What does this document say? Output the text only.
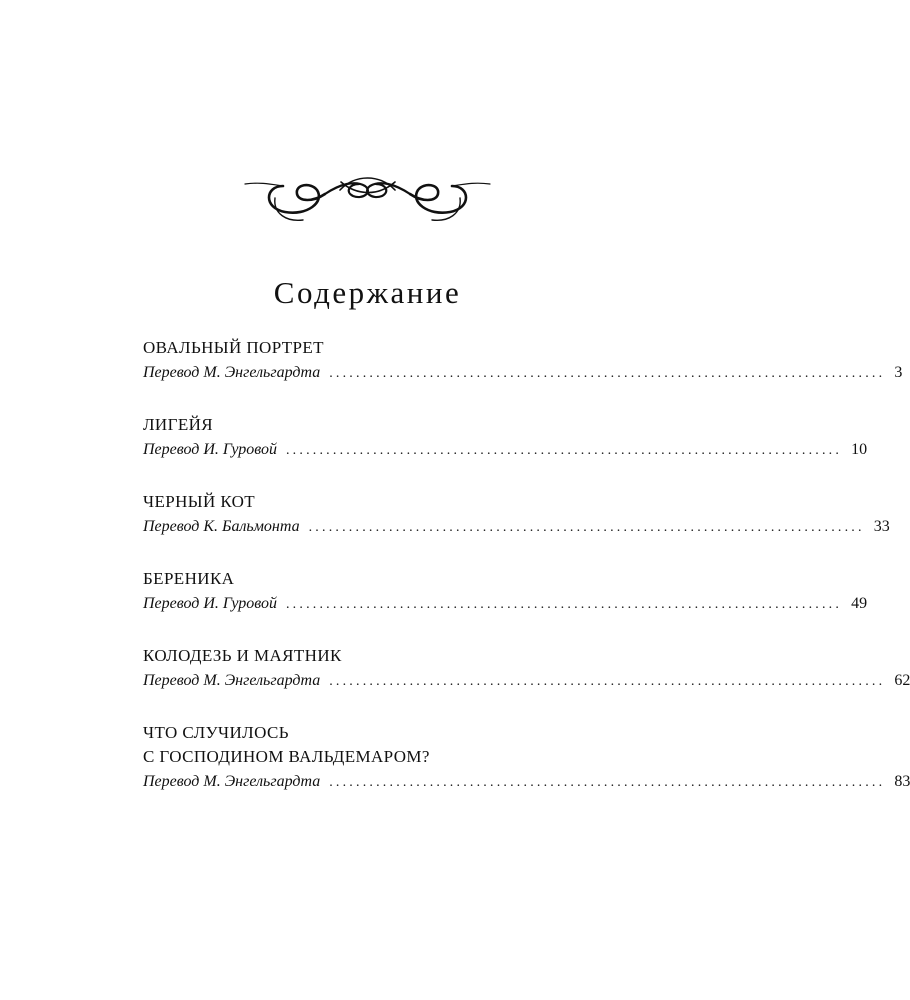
Содержание
ОВАЛЬНЫЙ ПОРТРЕТ
Перевод М. Энгельгардта ................................................................................... 3
ЛИГЕЙЯ
Перевод И. Гуровой ................................................................................... 10
ЧЕРНЫЙ КОТ
Перевод К. Бальмонта ................................................................................... 33
БЕРЕНИКА
Перевод И. Гуровой ................................................................................... 49
КОЛОДЕЗЬ И МАЯТНИК
Перевод М. Энгельгардта ................................................................................... 62
ЧТО СЛУЧИЛОСЬ
С ГОСПОДИНОМ ВАЛЬДЕМАРОМ?
Перевод М. Энгельгардта ................................................................................... 83
